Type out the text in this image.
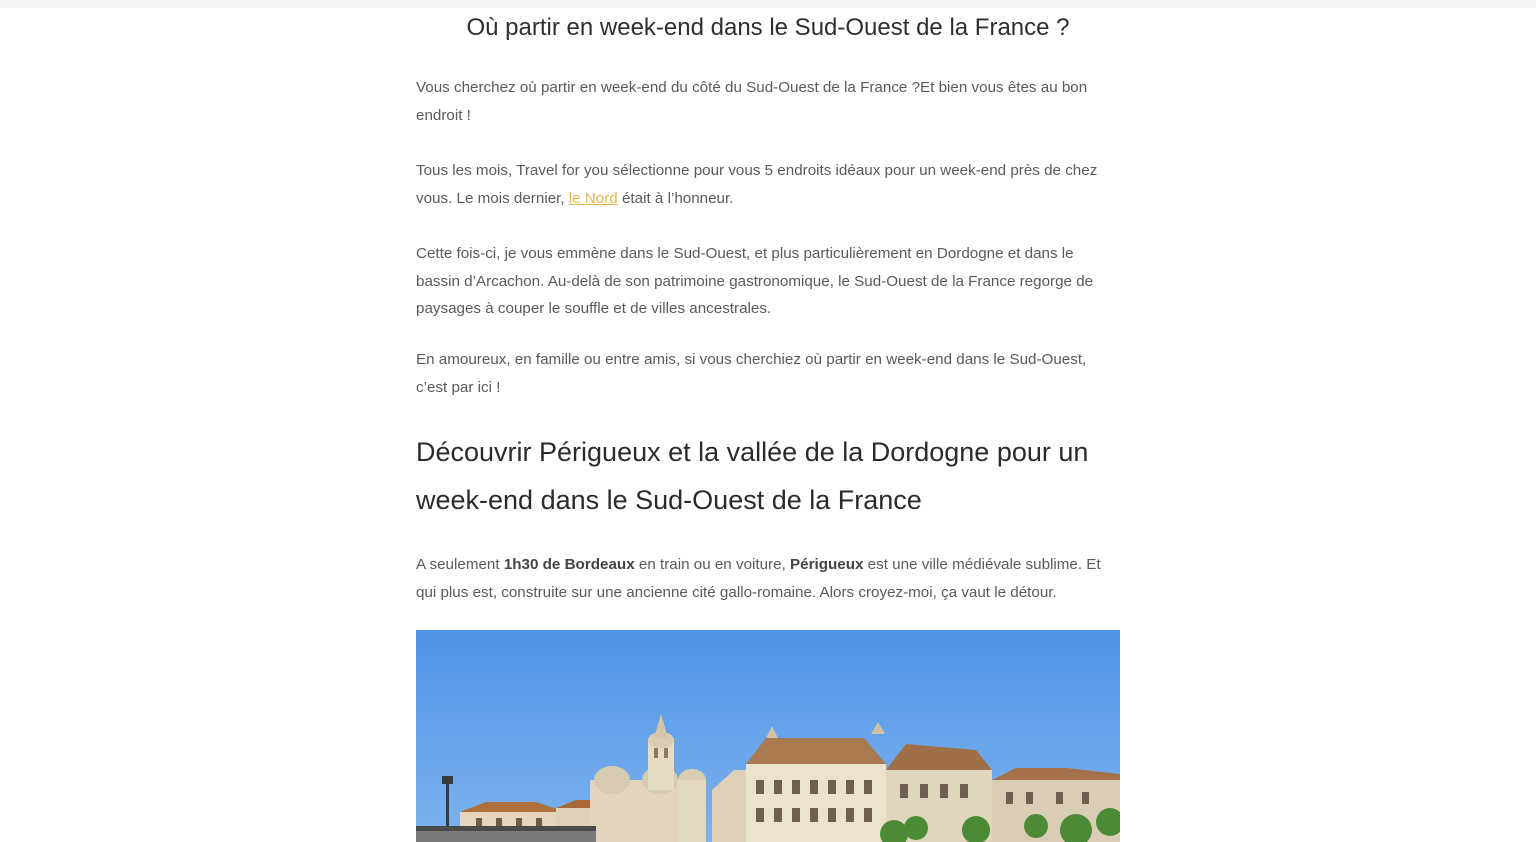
Où partir en week-end dans le Sud-Ouest de la France ?

Vous cherchez où partir en week-end du côté du Sud-Ouest de la France ?Et bien vous êtes au bon endroit !

Tous les mois, Travel for you sélectionne pour vous 5 endroits idéaux pour un week-end près de chez vous. Le mois dernier, le Nord était à l’honneur.

Cette fois-ci, je vous emmène dans le Sud-Ouest, et plus particulièrement en Dordogne et dans le bassin d’Arcachon. Au-delà de son patrimoine gastronomique, le Sud-Ouest de la France regorge de paysages à couper le souffle et de villes ancestrales.

En amoureux, en famille ou entre amis, si vous cherchiez où partir en week-end dans le Sud-Ouest, c’est par ici !

Découvrir Périgueux et la vallée de la Dordogne pour un week-end dans le Sud-Ouest de la France

A seulement 1h30 de Bordeaux en train ou en voiture, Périgueux est une ville médiévale sublime. Et qui plus est, construite sur une ancienne cité gallo-romaine. Alors croyez-moi, ça vaut le détour.
